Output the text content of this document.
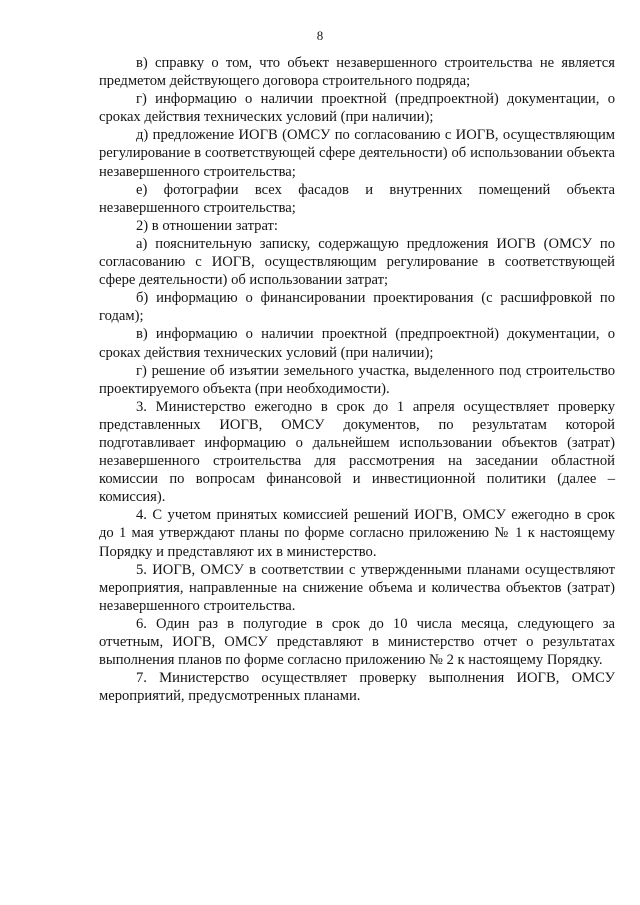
8

в) справку о том, что объект незавершенного строительства не является предметом действующего договора строительного подряда;

г) информацию о наличии проектной (предпроектной) документации, о сроках действия технических условий (при наличии);

д) предложение ИОГВ (ОМСУ по согласованию с ИОГВ, осуществляющим регулирование в соответствующей сфере деятельности) об использовании объекта незавершенного строительства;

е) фотографии всех фасадов и внутренних помещений объекта незавершенного строительства;

2) в отношении затрат:

а) пояснительную записку, содержащую предложения ИОГВ (ОМСУ по согласованию с ИОГВ, осуществляющим регулирование в соответствующей сфере деятельности) об использовании затрат;

б) информацию о финансировании проектирования (с расшифровкой по годам);

в) информацию о наличии проектной (предпроектной) документации, о сроках действия технических условий (при наличии);

г) решение об изъятии земельного участка, выделенного под строительство проектируемого объекта (при необходимости).

3. Министерство ежегодно в срок до 1 апреля осуществляет проверку представленных ИОГВ, ОМСУ документов, по результатам которой подготавливает информацию о дальнейшем использовании объектов (затрат) незавершенного строительства для рассмотрения на заседании областной комиссии по вопросам финансовой и инвестиционной политики (далее – комиссия).

4. С учетом принятых комиссией решений ИОГВ, ОМСУ ежегодно в срок до 1 мая утверждают планы по форме согласно приложению № 1 к настоящему Порядку и представляют их в министерство.

5. ИОГВ, ОМСУ в соответствии с утвержденными планами осуществляют мероприятия, направленные на снижение объема и количества объектов (затрат) незавершенного строительства.

6. Один раз в полугодие в срок до 10 числа месяца, следующего за отчетным, ИОГВ, ОМСУ представляют в министерство отчет о результатах выполнения планов по форме согласно приложению № 2 к настоящему Порядку.

7. Министерство осуществляет проверку выполнения ИОГВ, ОМСУ мероприятий, предусмотренных планами.
